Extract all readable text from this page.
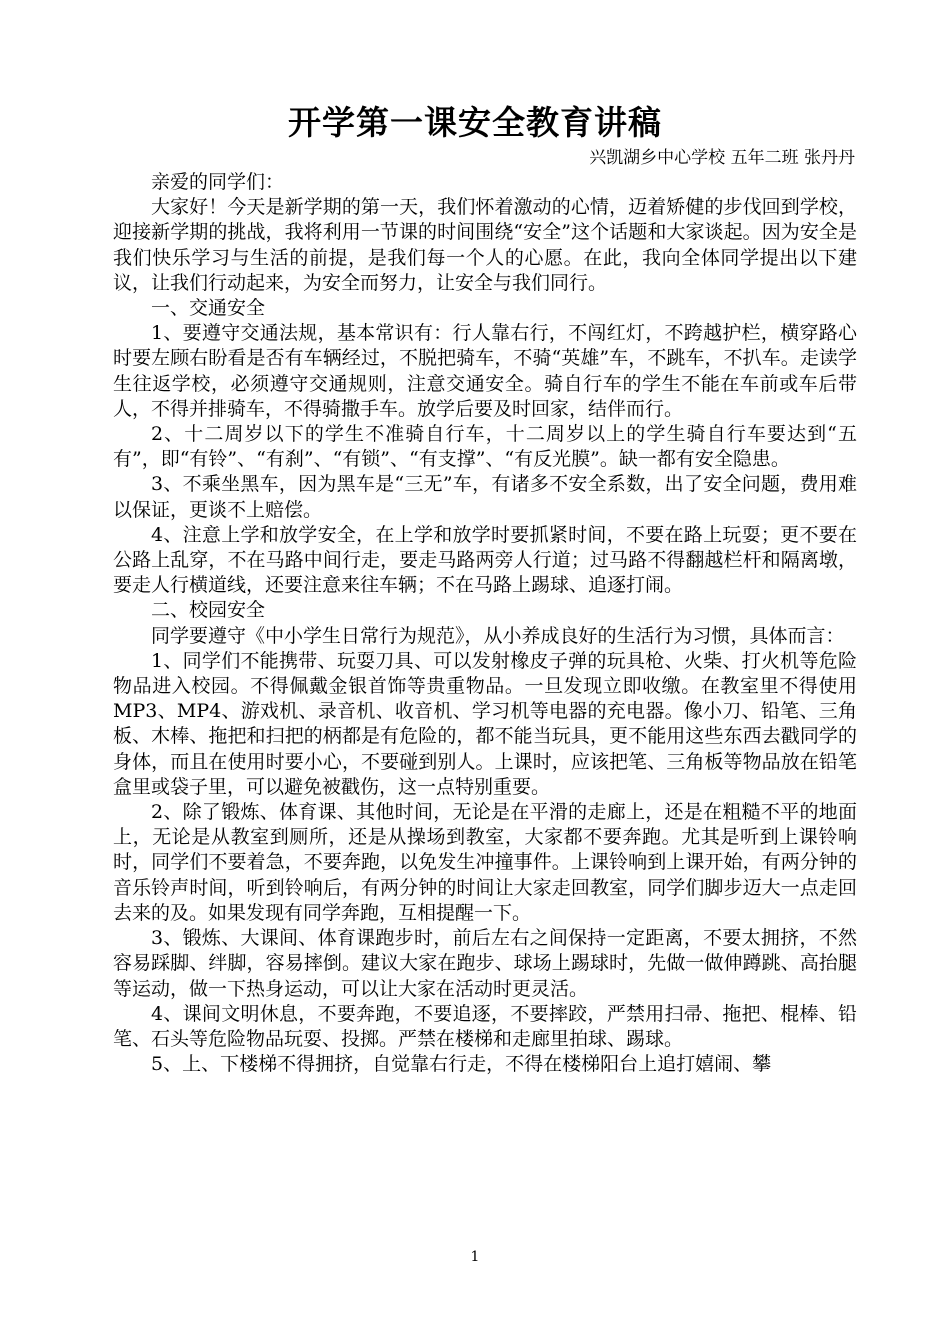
开学第一课安全教育讲稿
兴凯湖乡中心学校 五年二班 张丹丹

亲爱的同学们：

大家好！今天是新学期的第一天，我们怀着激动的心情，迈着矫健的步伐回到学校，迎接新学期的挑战，我将利用一节课的时间围绕“安全”这个话题和大家谈起。因为安全是我们快乐学习与生活的前提，是我们每一个人的心愿。在此，我向全体同学提出以下建议，让我们行动起来，为安全而努力，让安全与我们同行。

一、交通安全

1、要遵守交通法规，基本常识有：行人靠右行，不闯红灯，不跨越护栏，横穿路心时要左顾右盼看是否有车辆经过，不脱把骑车，不骑“英雄”车，不跳车，不扒车。走读学生往返学校，必须遵守交通规则，注意交通安全。骑自行车的学生不能在车前或车后带人，不得并排骑车，不得骑撒手车。放学后要及时回家，结伴而行。

2、十二周岁以下的学生不准骑自行车，十二周岁以上的学生骑自行车要达到“五有”，即“有铃”、“有刹”、“有锁”、“有支撑”、“有反光膜”。缺一都有安全隐患。

3、不乘坐黑车，因为黑车是“三无”车，有诸多不安全系数，出了安全问题，费用难以保证，更谈不上赔偿。

4、注意上学和放学安全，在上学和放学时要抓紧时间，不要在路上玩耍；更不要在公路上乱穿，不在马路中间行走，要走马路两旁人行道；过马路不得翻越栏杆和隔离墩，要走人行横道线，还要注意来往车辆；不在马路上踢球、追逐打闹。

二、校园安全

同学要遵守《中小学生日常行为规范》，从小养成良好的生活行为习惯，具体而言：

1、同学们不能携带、玩耍刀具、可以发射橡皮子弹的玩具枪、火柴、打火机等危险物品进入校园。不得佩戴金银首饰等贵重物品。一旦发现立即收缴。在教室里不得使用MP3、MP4、游戏机、录音机、收音机、学习机等电器的充电器。像小刀、铅笔、三角板、木棒、拖把和扫把的柄都是有危险的，都不能当玩具，更不能用这些东西去戳同学的身体，而且在使用时要小心，不要碰到别人。上课时，应该把笔、三角板等物品放在铅笔盒里或袋子里，可以避免被戳伤，这一点特别重要。

2、除了锻炼、体育课、其他时间，无论是在平滑的走廊上，还是在粗糙不平的地面上，无论是从教室到厕所，还是从操场到教室，大家都不要奔跑。尤其是听到上课铃响时，同学们不要着急，不要奔跑，以免发生冲撞事件。上课铃响到上课开始，有两分钟的音乐铃声时间，听到铃响后，有两分钟的时间让大家走回教室，同学们脚步迈大一点走回去来的及。如果发现有同学奔跑，互相提醒一下。

3、锻炼、大课间、体育课跑步时，前后左右之间保持一定距离，不要太拥挤，不然容易踩脚、绊脚，容易摔倒。建议大家在跑步、球场上踢球时，先做一做伸蹲跳、高抬腿等运动，做一下热身运动，可以让大家在活动时更灵活。

4、课间文明休息，不要奔跑，不要追逐，不要摔跤，严禁用扫帚、拖把、棍棒、铅笔、石头等危险物品玩耍、投掷。严禁在楼梯和走廊里拍球、踢球。

5、上、下楼梯不得拥挤，自觉靠右行走，不得在楼梯阳台上追打嬉闹、攀

1
